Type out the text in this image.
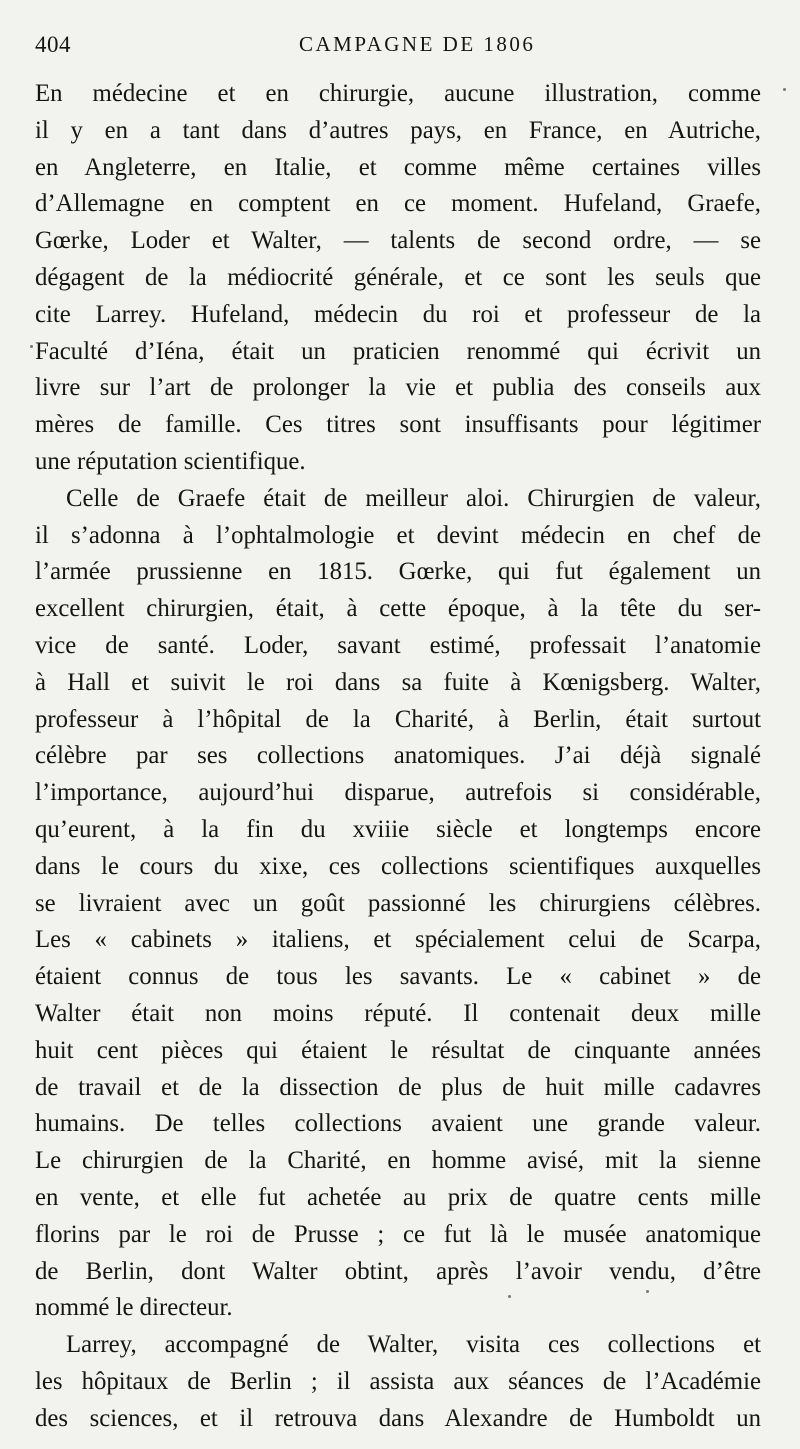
404	CAMPAGNE DE 1806
En médecine et en chirurgie, aucune illustration, comme
il y en a tant dans d’autres pays, en France, en Autriche,
en Angleterre, en Italie, et comme même certaines villes
d’Allemagne en comptent en ce moment. Hufeland, Graefe,
Gœrke, Loder et Walter, — talents de second ordre, — se
dégagent de la médiocrité générale, et ce sont les seuls que
cite Larrey. Hufeland, médecin du roi et professeur de la
Faculté d’Iéna, était un praticien renommé qui écrivit un
livre sur l’art de prolonger la vie et publia des conseils aux
mères de famille. Ces titres sont insuffisants pour légitimer
une réputation scientifique.
Celle de Graefe était de meilleur aloi. Chirurgien de valeur,
il s’adonna à l’ophtalmologie et devint médecin en chef de
l’armée prussienne en 1815. Gœrke, qui fut également un
excellent chirurgien, était, à cette époque, à la tête du ser-
vice de santé. Loder, savant estimé, professait l’anatomie
à Hall et suivit le roi dans sa fuite à Kœnigsberg. Walter,
professeur à l’hôpital de la Charité, à Berlin, était surtout
célèbre par ses collections anatomiques. J’ai déjà signalé
l’importance, aujourd’hui disparue, autrefois si considérable,
qu’eurent, à la fin du xviiie siècle et longtemps encore
dans le cours du xixe, ces collections scientifiques auxquelles
se livraient avec un goût passionné les chirurgiens célèbres.
Les « cabinets » italiens, et spécialement celui de Scarpa,
étaient connus de tous les savants. Le « cabinet » de
Walter était non moins réputé. Il contenait deux mille
huit cent pièces qui étaient le résultat de cinquante années
de travail et de la dissection de plus de huit mille cadavres
humains. De telles collections avaient une grande valeur.
Le chirurgien de la Charité, en homme avisé, mit la sienne
en vente, et elle fut achetée au prix de quatre cents mille
florins par le roi de Prusse ; ce fut là le musée anatomique
de Berlin, dont Walter obtint, après l’avoir vendu, d’être
nommé le directeur.
Larrey, accompagné de Walter, visita ces collections et
les hôpitaux de Berlin ; il assista aux séances de l’Académie
des sciences, et il retrouva dans Alexandre de Humboldt un
